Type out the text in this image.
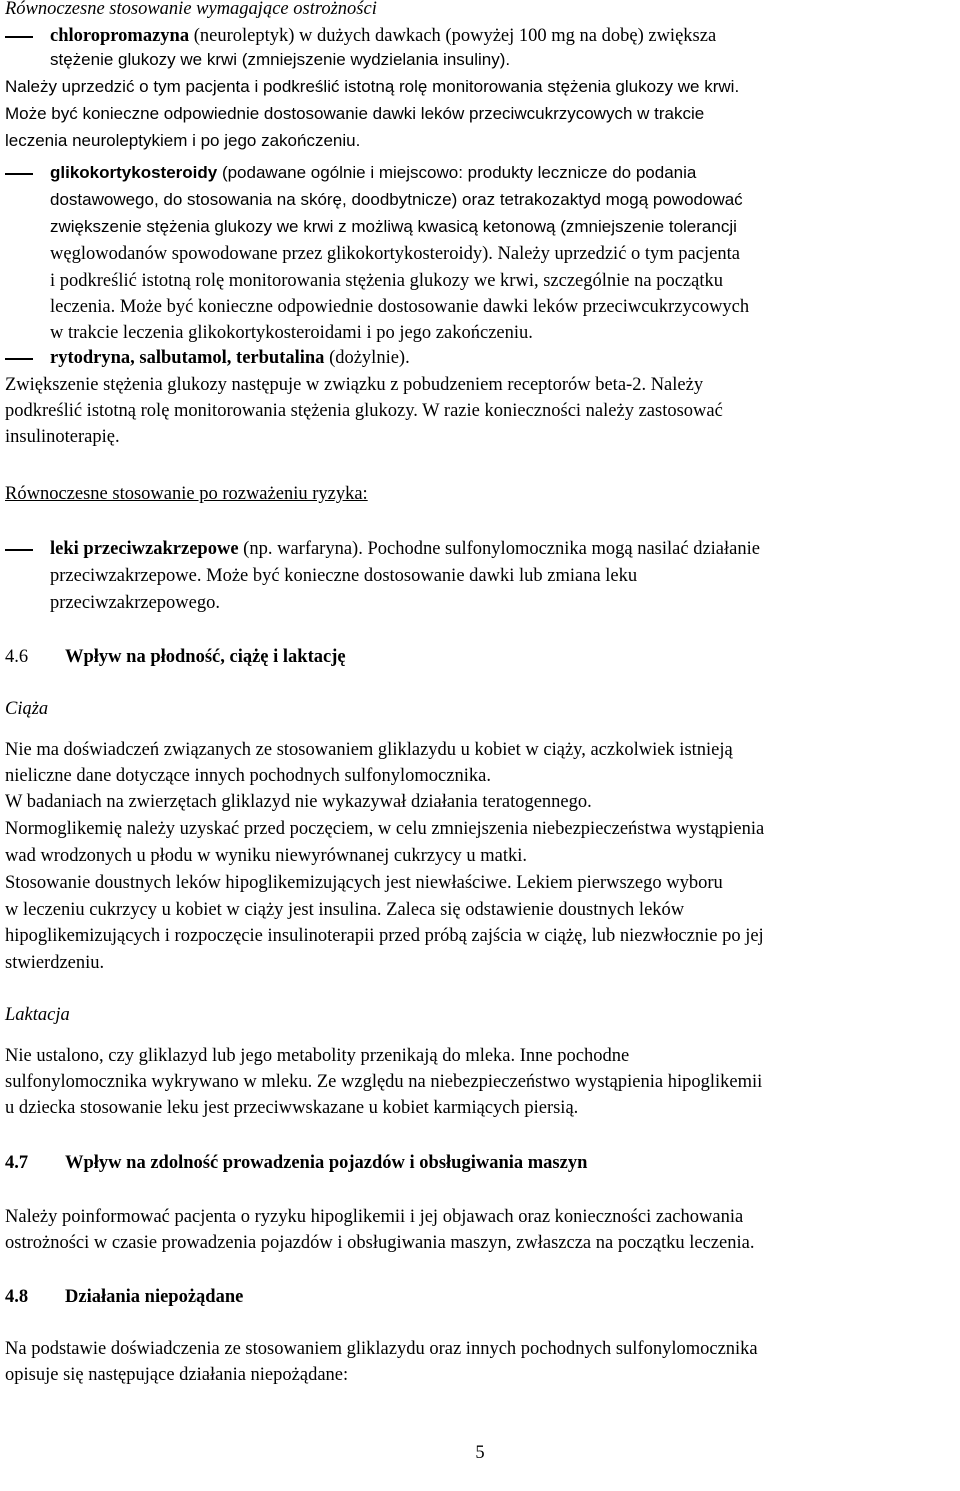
Równoczesne stosowanie wymagające ostrożności
chloropromazyna (neuroleptyk) w dużych dawkach (powyżej 100 mg na dobę) zwiększa
stężenie glukozy we krwi (zmniejszenie wydzielania insuliny).
Należy uprzedzić o tym pacjenta i podkreślić istotną rolę monitorowania stężenia glukozy we krwi.
Może być konieczne odpowiednie dostosowanie dawki leków przeciwcukrzycowych w trakcie
leczenia neuroleptykiem i po jego zakończeniu.
glikokortykosteroidy (podawane ogólnie i miejscowo: produkty lecznicze do podania
dostawowego, do stosowania na skórę, doodbytnicze) oraz tetrakozaktyd mogą powodować
zwiększenie stężenia glukozy we krwi z możliwą kwasicą ketonową (zmniejszenie tolerancji
węglowodanów spowodowane przez glikokortykosteroidy). Należy uprzedzić o tym pacjenta
i podkreślić istotną rolę monitorowania stężenia glukozy we krwi, szczególnie na początku
leczenia. Może być konieczne odpowiednie dostosowanie dawki leków przeciwcukrzycowych
w trakcie leczenia glikokortykosteroidami i po jego zakończeniu.
rytodryna, salbutamol, terbutalina (dożylnie).
Zwiększenie stężenia glukozy następuje w związku z pobudzeniem receptorów beta-2. Należy
podkreślić istotną rolę monitorowania stężenia glukozy. W razie konieczności należy zastosować
insulinoterapię.
Równoczesne stosowanie po rozważeniu ryzyka:
leki przeciwzakrzepowe (np. warfaryna). Pochodne sulfonylomocznika mogą nasilać działanie
przeciwzakrzepowe. Może być konieczne dostosowanie dawki lub zmiana leku
przeciwzakrzepowego.
4.6 Wpływ na płodność, ciążę i laktację
Ciąża
Nie ma doświadczeń związanych ze stosowaniem gliklazydu u kobiet w ciąży, aczkolwiek istnieją
nieliczne dane dotyczące innych pochodnych sulfonylomocznika.
W badaniach na zwierzętach gliklazyd nie wykazywał działania teratogennego.
Normoglikemię należy uzyskać przed poczęciem, w celu zmniejszenia niebezpieczeństwa wystąpienia
wad wrodzonych u płodu w wyniku niewyrównanej cukrzycy u matki.
Stosowanie doustnych leków hipoglikemizujących jest niewłaściwe. Lekiem pierwszego wyboru
w leczeniu cukrzycy u kobiet w ciąży jest insulina. Zaleca się odstawienie doustnych leków
hipoglikemizujących i rozpoczęcie insulinoterapii przed próbą zajścia w ciążę, lub niezwłocznie po jej
stwierdzeniu.
Laktacja
Nie ustalono, czy gliklazyd lub jego metabolity przenikają do mleka. Inne pochodne
sulfonylomocznika wykrywano w mleku. Ze względu na niebezpieczeństwo wystąpienia hipoglikemii
u dziecka stosowanie leku jest przeciwwskazane u kobiet karmiących piersią.
4.7 Wpływ na zdolność prowadzenia pojazdów i obsługiwania maszyn
Należy poinformować pacjenta o ryzyku hipoglikemii i jej objawach oraz konieczności zachowania
ostrożności w czasie prowadzenia pojazdów i obsługiwania maszyn, zwłaszcza na początku leczenia.
4.8 Działania niepożądane
Na podstawie doświadczenia ze stosowaniem gliklazydu oraz innych pochodnych sulfonylomocznika
opisuje się następujące działania niepożądane:
5
